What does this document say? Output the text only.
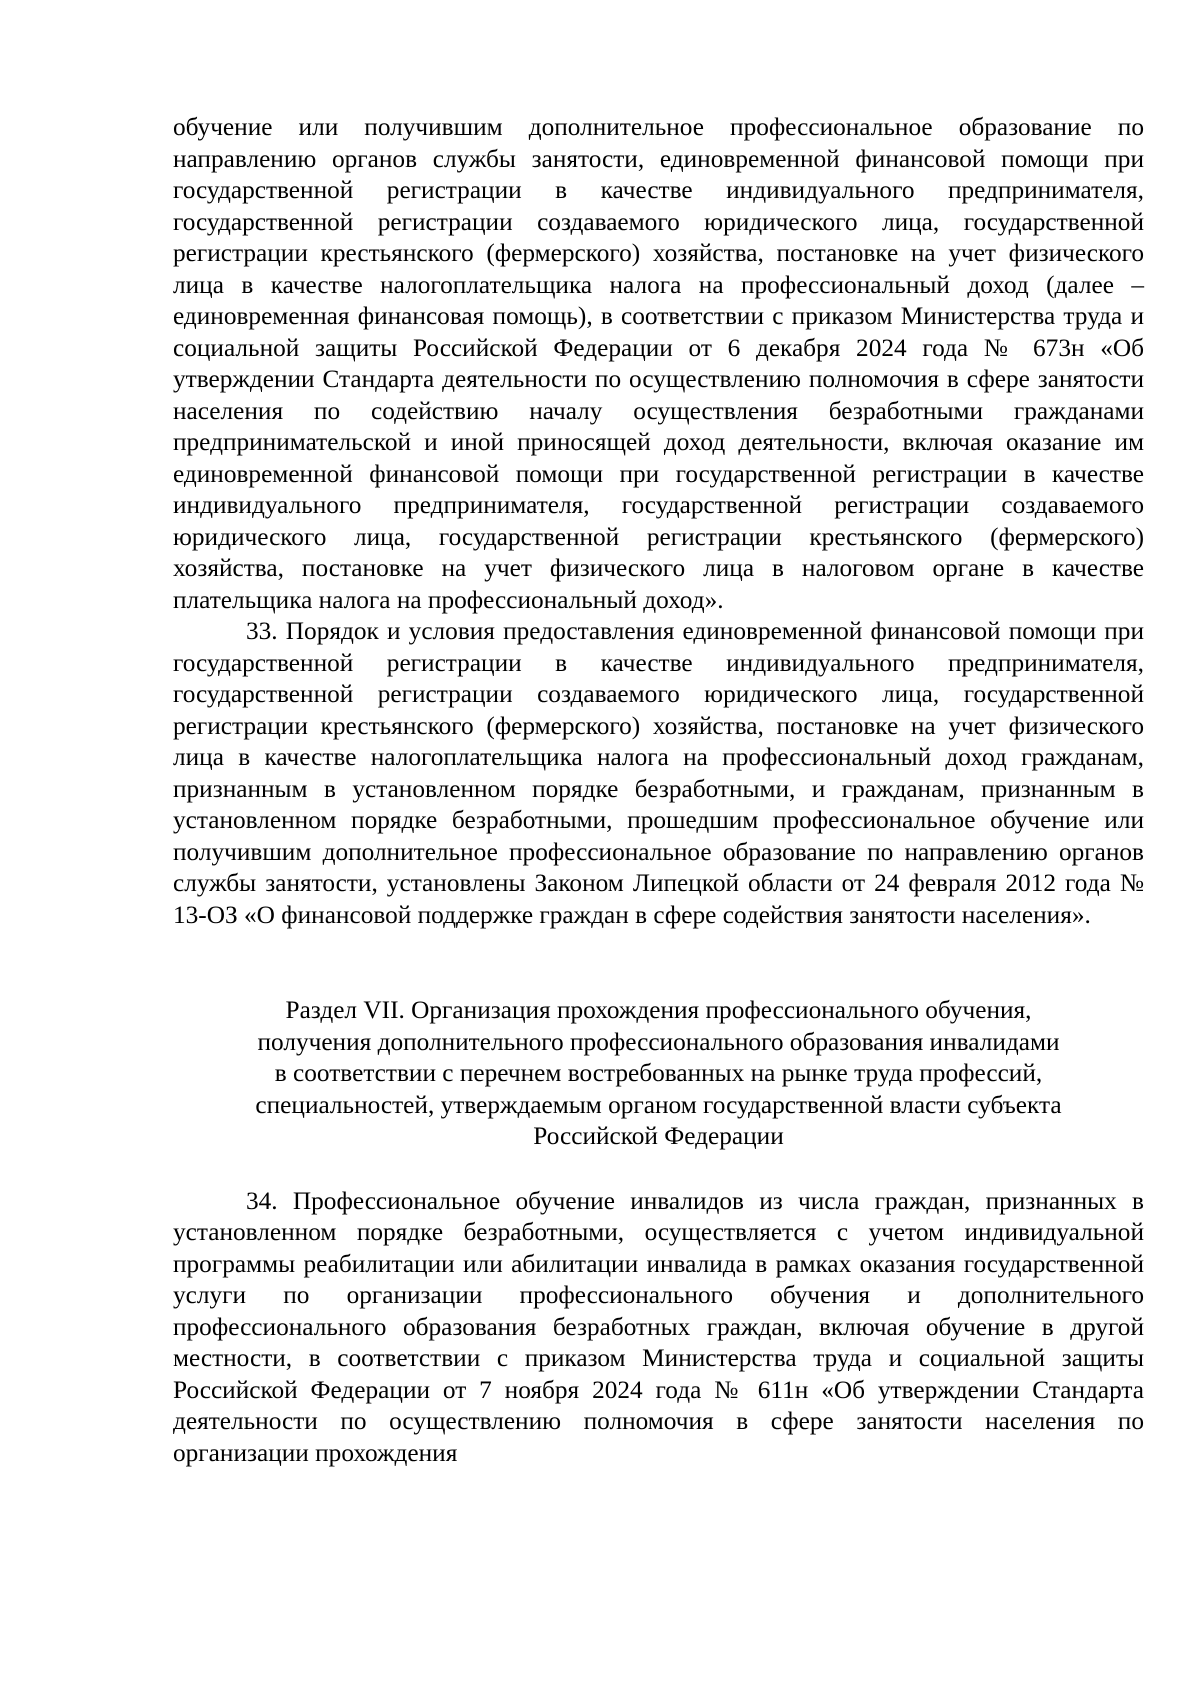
обучение или получившим дополнительное профессиональное образование по направлению органов службы занятости, единовременной финансовой помощи при государственной регистрации в качестве индивидуального предпринимателя, государственной регистрации создаваемого юридического лица, государственной регистрации крестьянского (фермерского) хозяйства, постановке на учет физического лица в качестве налогоплательщика налога на профессиональный доход (далее – единовременная финансовая помощь), в соответствии с приказом Министерства труда и социальной защиты Российской Федерации от 6 декабря 2024 года № 673н «Об утверждении Стандарта деятельности по осуществлению полномочия в сфере занятости населения по содействию началу осуществления безработными гражданами предпринимательской и иной приносящей доход деятельности, включая оказание им единовременной финансовой помощи при государственной регистрации в качестве индивидуального предпринимателя, государственной регистрации создаваемого юридического лица, государственной регистрации крестьянского (фермерского) хозяйства, постановке на учет физического лица в налоговом органе в качестве плательщика налога на профессиональный доход».

33. Порядок и условия предоставления единовременной финансовой помощи при государственной регистрации в качестве индивидуального предпринимателя, государственной регистрации создаваемого юридического лица, государственной регистрации крестьянского (фермерского) хозяйства, постановке на учет физического лица в качестве налогоплательщика налога на профессиональный доход гражданам, признанным в установленном порядке безработными, и гражданам, признанным в установленном порядке безработными, прошедшим профессиональное обучение или получившим дополнительное профессиональное образование по направлению органов службы занятости, установлены Законом Липецкой области от 24 февраля 2012 года № 13-ОЗ «О финансовой поддержке граждан в сфере содействия занятости населения».

Раздел VII. Организация прохождения профессионального обучения,
получения дополнительного профессионального образования инвалидами
в соответствии с перечнем востребованных на рынке труда профессий,
специальностей, утверждаемым органом государственной власти субъекта
Российской Федерации

34. Профессиональное обучение инвалидов из числа граждан, признанных в установленном порядке безработными, осуществляется с учетом индивидуальной программы реабилитации или абилитации инвалида в рамках оказания государственной услуги по организации профессионального обучения и дополнительного профессионального образования безработных граждан, включая обучение в другой местности, в соответствии с приказом Министерства труда и социальной защиты Российской Федерации от 7 ноября 2024 года № 611н «Об утверждении Стандарта деятельности по осуществлению полномочия в сфере занятости населения по организации прохождения
